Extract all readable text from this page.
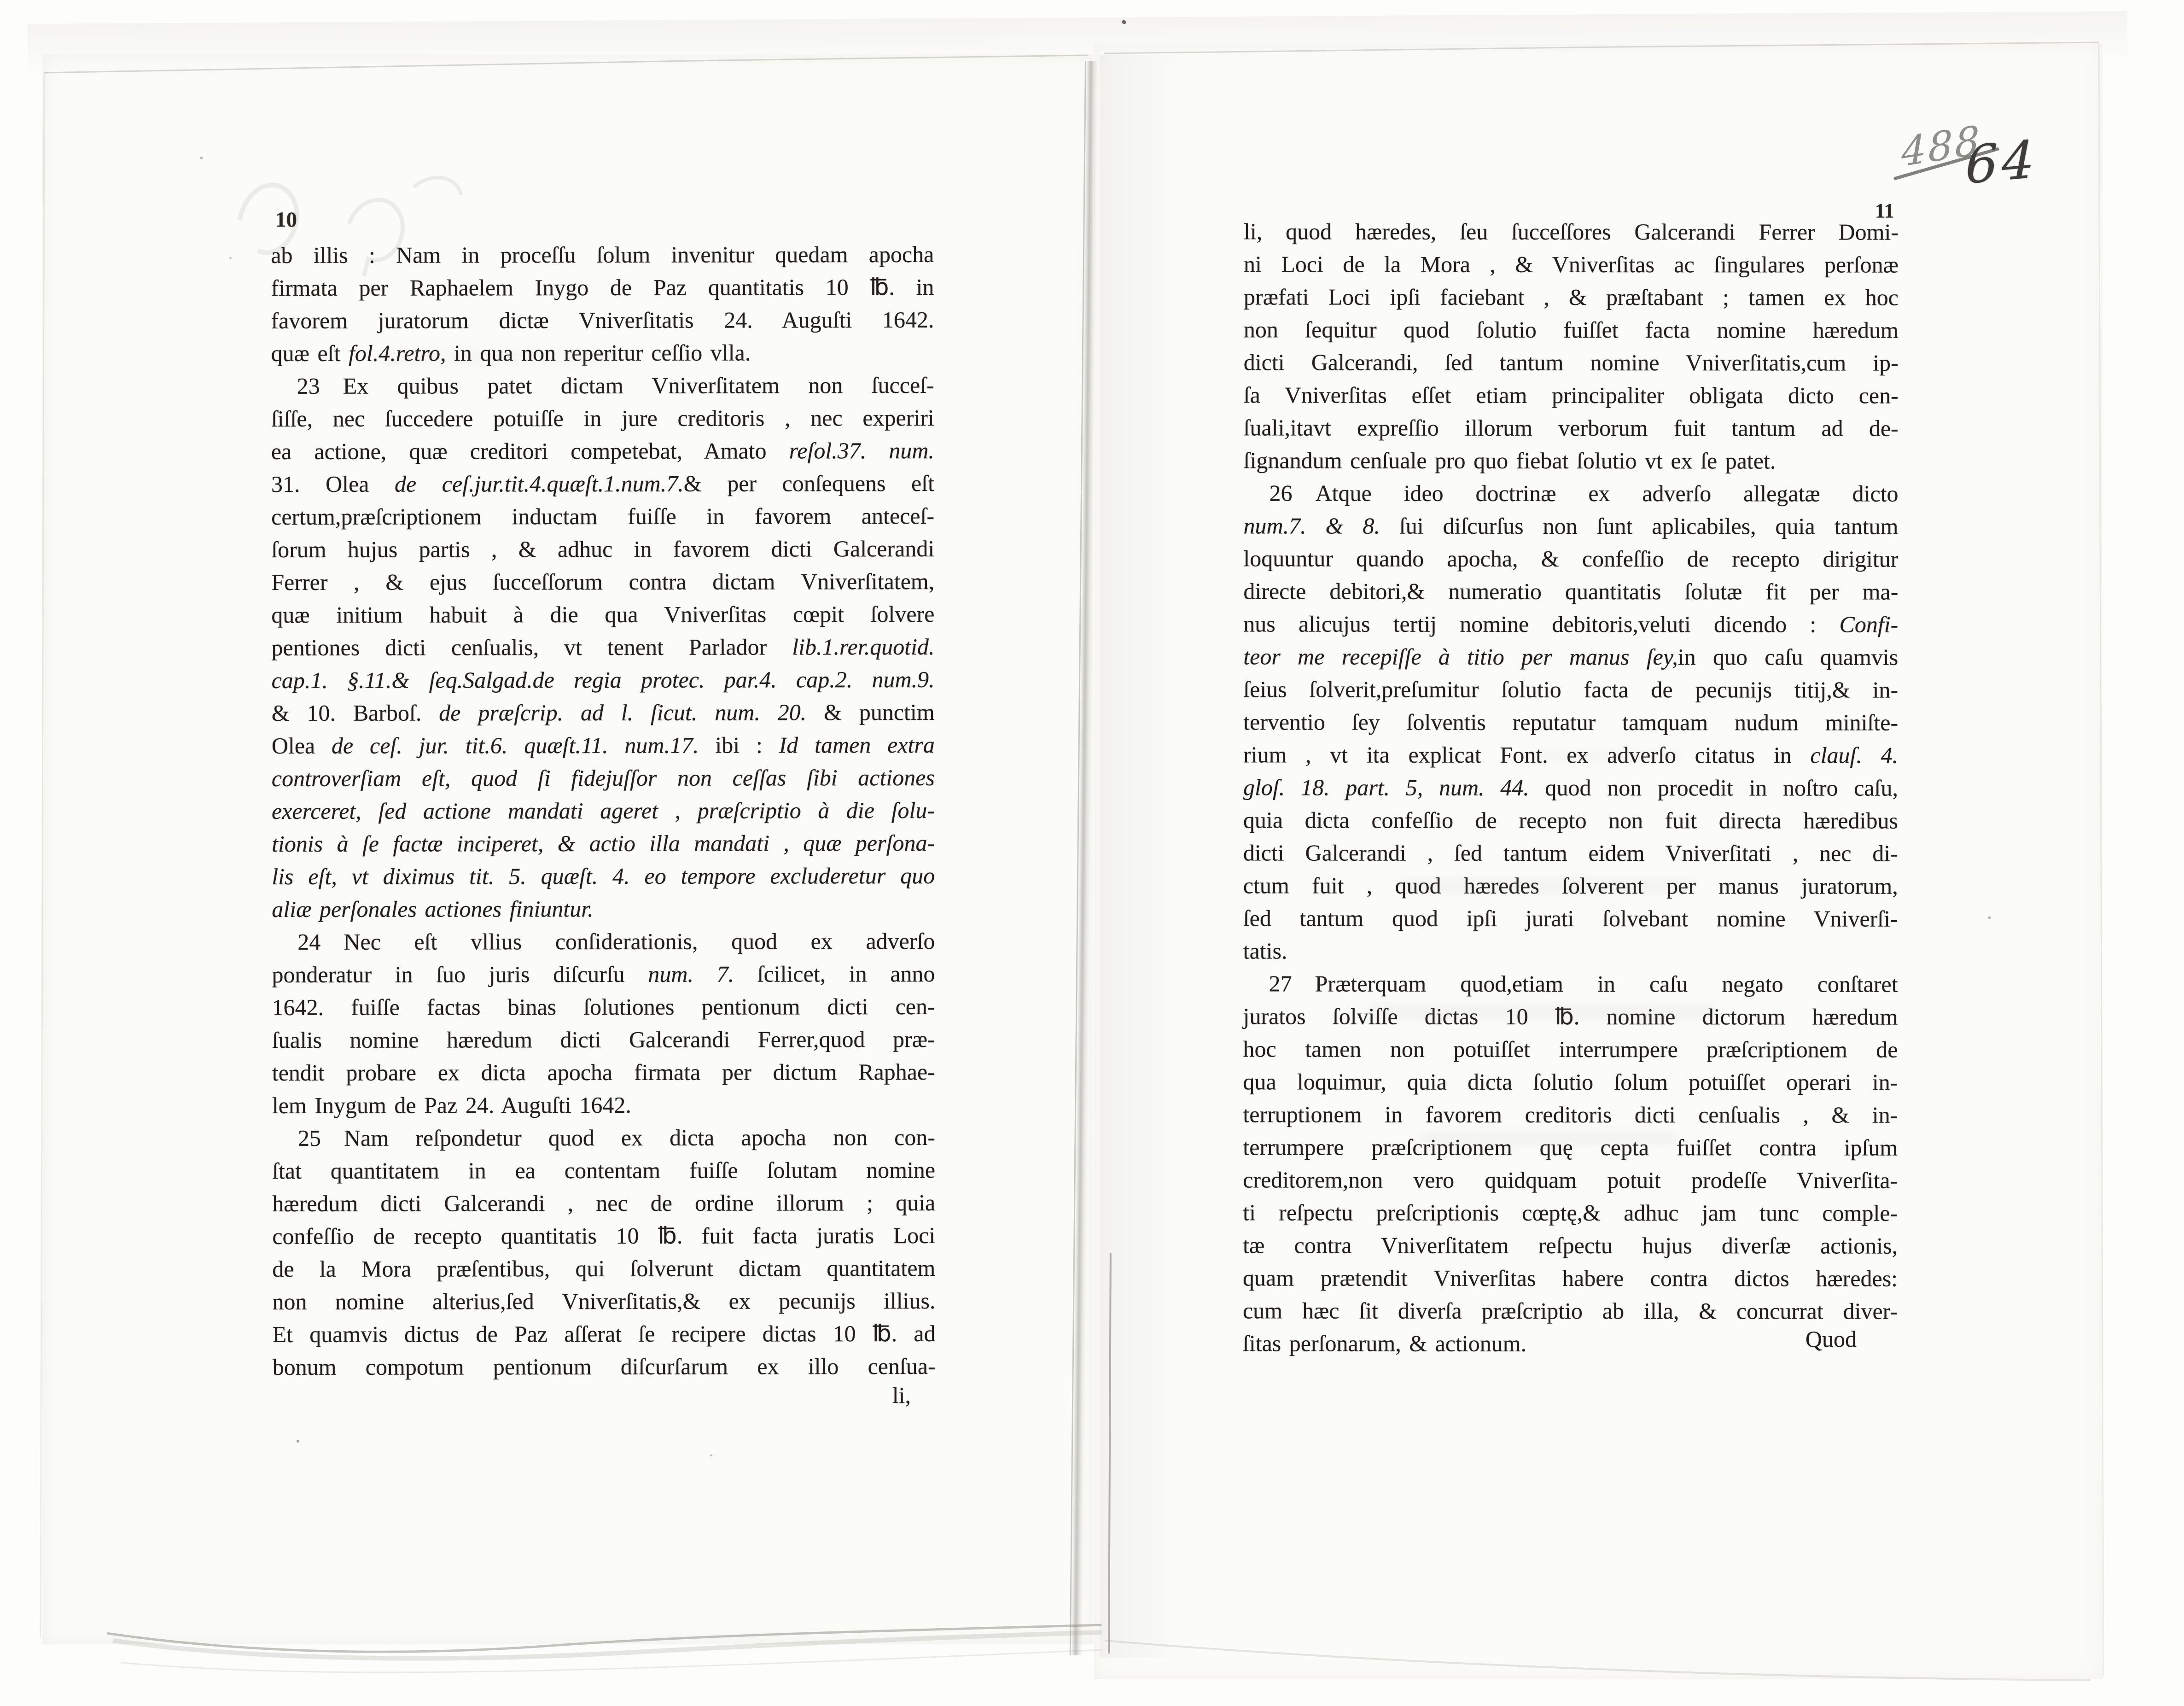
10	11
488
64
ab illis : Nam in proceſſu ſolum invenitur quedam apocha
firmata per Raphaelem Inygo de Paz quantitatis 10 ℔. in
favorem juratorum dictæ Vniverſitatis 24. Auguſti 1642.
quæ eſt fol.4.retro, in qua non reperitur ceſſio vlla.
23 Ex quibus patet dictam Vniverſitatem non ſucceſ-
ſiſſe, nec ſuccedere potuiſſe in jure creditoris , nec experiri
ea actione, quæ creditori competebat, Amato reſol.37. num.
31. Olea de ceſ.jur.tit.4.quæſt.1.num.7.& per conſequens eſt
certum,præſcriptionem inductam fuiſſe in favorem anteceſ-
ſorum hujus partis , & adhuc in favorem dicti Galcerandi
Ferrer , & ejus ſucceſſorum contra dictam Vniverſitatem,
quæ initium habuit à die qua Vniverſitas cœpit ſolvere
pentiones dicti cenſualis, vt tenent Parlador lib.1.rer.quotid.
cap.1. §.11.& ſeq.Salgad.de regia protec. par.4. cap.2. num.9.
& 10. Barboſ. de præſcrip. ad l. ſicut. num. 20. & punctim
Olea de ceſ. jur. tit.6. quæſt.11. num.17. ibi : Id tamen extra
controverſiam eſt, quod ſi fidejuſſor non ceſſas ſibi actiones
exerceret, ſed actione mandati ageret , præſcriptio à die ſolu-
tionis à ſe factæ inciperet, & actio illa mandati , quæ perſona-
lis eſt, vt diximus tit. 5. quæſt. 4. eo tempore excluderetur quo
aliæ perſonales actiones finiuntur.
24 Nec eſt vllius conſiderationis, quod ex adverſo
ponderatur in ſuo juris diſcurſu num. 7. ſcilicet, in anno
1642. fuiſſe factas binas ſolutiones pentionum dicti cen-
ſualis nomine hæredum dicti Galcerandi Ferrer,quod præ-
tendit probare ex dicta apocha firmata per dictum Raphae-
lem Inygum de Paz 24. Auguſti 1642.
25 Nam reſpondetur quod ex dicta apocha non con-
ſtat quantitatem in ea contentam fuiſſe ſolutam nomine
hæredum dicti Galcerandi , nec de ordine illorum ; quia
confeſſio de recepto quantitatis 10 ℔. fuit facta juratis Loci
de la Mora præſentibus, qui ſolverunt dictam quantitatem
non nomine alterius,ſed Vniverſitatis,& ex pecunijs illius.
Et quamvis dictus de Paz aſſerat ſe recipere dictas 10 ℔. ad
bonum compotum pentionum diſcurſarum ex illo cenſua-
li, quod hæredes, ſeu ſucceſſores Galcerandi Ferrer Domi-
ni Loci de la Mora , & Vniverſitas ac ſingulares perſonæ
præfati Loci ipſi faciebant , & præſtabant ; tamen ex hoc
non ſequitur quod ſolutio fuiſſet facta nomine hæredum
dicti Galcerandi, ſed tantum nomine Vniverſitatis,cum ip-
ſa Vniverſitas eſſet etiam principaliter obligata dicto cen-
ſuali,itavt expreſſio illorum verborum fuit tantum ad de-
ſignandum cenſuale pro quo fiebat ſolutio vt ex ſe patet.
26 Atque ideo doctrinæ ex adverſo allegatæ dicto
num.7. & 8. ſui diſcurſus non ſunt aplicabiles, quia tantum
loquuntur quando apocha, & confeſſio de recepto dirigitur
directe debitori,& numeratio quantitatis ſolutæ fit per ma-
nus alicujus tertij nomine debitoris,veluti dicendo : Confi-
teor me recepiſſe à titio per manus ſey,in quo caſu quamvis
ſeius ſolverit,preſumitur ſolutio facta de pecunijs titij,& in-
terventio ſey ſolventis reputatur tamquam nudum miniſte-
rium , vt ita explicat Font. ex adverſo citatus in clauſ. 4.
gloſ. 18. part. 5, num. 44. quod non procedit in noſtro caſu,
quia dicta confeſſio de recepto non fuit directa hæredibus
dicti Galcerandi , ſed tantum eidem Vniverſitati , nec di-
ctum fuit , quod hæredes ſolverent per manus juratorum,
ſed tantum quod ipſi jurati ſolvebant nomine Vniverſi-
tatis.
27 Præterquam quod,etiam in caſu negato conſtaret
juratos ſolviſſe dictas 10 ℔. nomine dictorum hæredum
hoc tamen non potuiſſet interrumpere præſcriptionem de
qua loquimur, quia dicta ſolutio ſolum potuiſſet operari in-
terruptionem in favorem creditoris dicti cenſualis , & in-
terrumpere præſcriptionem quę cepta fuiſſet contra ipſum
creditorem,non vero quidquam potuit prodeſſe Vniverſita-
ti reſpectu preſcriptionis cœptę,& adhuc jam tunc comple-
tæ contra Vniverſitatem reſpectu hujus diverſæ actionis,
quam prætendit Vniverſitas habere contra dictos hæredes:
cum hæc ſit diverſa præſcriptio ab illa, & concurrat diver-
ſitas perſonarum, & actionum.
li,
Quod
